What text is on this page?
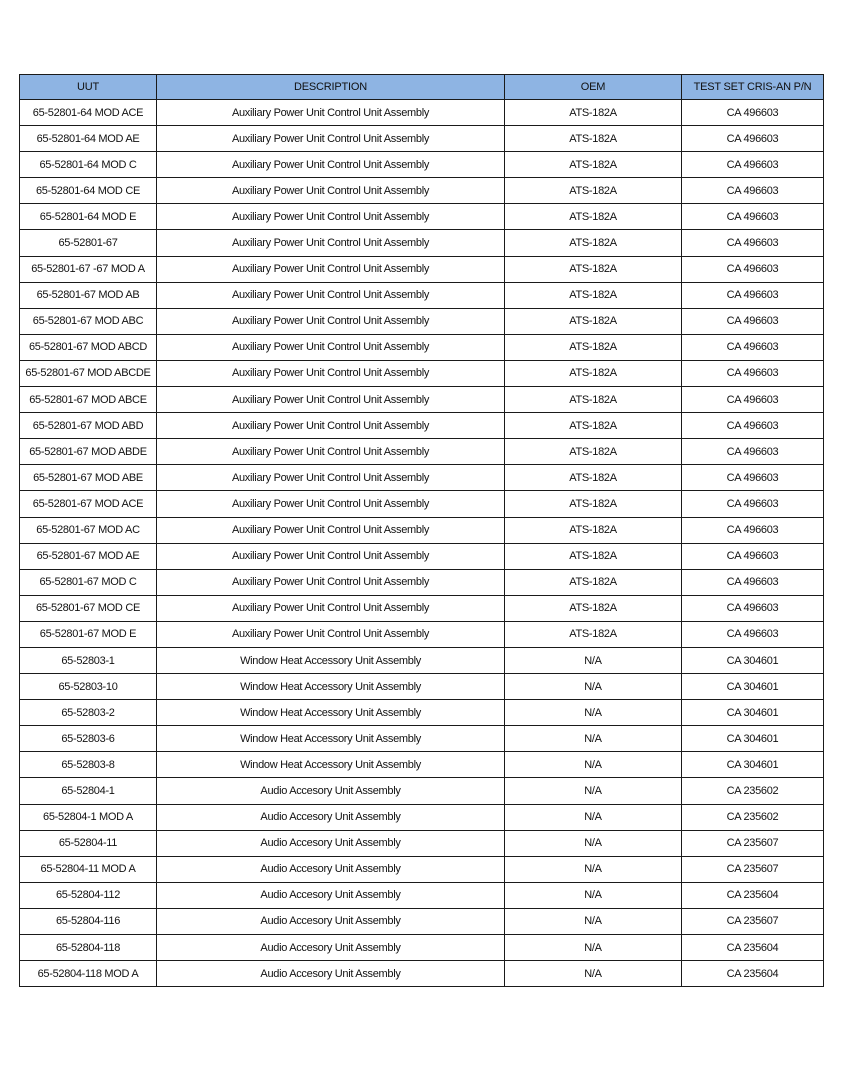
UUT	DESCRIPTION	OEM	TEST SET CRIS-AN P/N
65-52801-64 MOD ACE	Auxiliary Power Unit Control Unit Assembly	ATS-182A	CA 496603
65-52801-64 MOD AE	Auxiliary Power Unit Control Unit Assembly	ATS-182A	CA 496603
65-52801-64 MOD C	Auxiliary Power Unit Control Unit Assembly	ATS-182A	CA 496603
65-52801-64 MOD CE	Auxiliary Power Unit Control Unit Assembly	ATS-182A	CA 496603
65-52801-64 MOD E	Auxiliary Power Unit Control Unit Assembly	ATS-182A	CA 496603
65-52801-67	Auxiliary Power Unit Control Unit Assembly	ATS-182A	CA 496603
65-52801-67 -67 MOD A	Auxiliary Power Unit Control Unit Assembly	ATS-182A	CA 496603
65-52801-67 MOD AB	Auxiliary Power Unit Control Unit Assembly	ATS-182A	CA 496603
65-52801-67 MOD ABC	Auxiliary Power Unit Control Unit Assembly	ATS-182A	CA 496603
65-52801-67 MOD ABCD	Auxiliary Power Unit Control Unit Assembly	ATS-182A	CA 496603
65-52801-67 MOD ABCDE	Auxiliary Power Unit Control Unit Assembly	ATS-182A	CA 496603
65-52801-67 MOD ABCE	Auxiliary Power Unit Control Unit Assembly	ATS-182A	CA 496603
65-52801-67 MOD ABD	Auxiliary Power Unit Control Unit Assembly	ATS-182A	CA 496603
65-52801-67 MOD ABDE	Auxiliary Power Unit Control Unit Assembly	ATS-182A	CA 496603
65-52801-67 MOD ABE	Auxiliary Power Unit Control Unit Assembly	ATS-182A	CA 496603
65-52801-67 MOD ACE	Auxiliary Power Unit Control Unit Assembly	ATS-182A	CA 496603
65-52801-67 MOD AC	Auxiliary Power Unit Control Unit Assembly	ATS-182A	CA 496603
65-52801-67 MOD AE	Auxiliary Power Unit Control Unit Assembly	ATS-182A	CA 496603
65-52801-67 MOD C	Auxiliary Power Unit Control Unit Assembly	ATS-182A	CA 496603
65-52801-67 MOD CE	Auxiliary Power Unit Control Unit Assembly	ATS-182A	CA 496603
65-52801-67 MOD E	Auxiliary Power Unit Control Unit Assembly	ATS-182A	CA 496603
65-52803-1	Window Heat Accessory Unit Assembly	N/A	CA 304601
65-52803-10	Window Heat Accessory Unit Assembly	N/A	CA 304601
65-52803-2	Window Heat Accessory Unit Assembly	N/A	CA 304601
65-52803-6	Window Heat Accessory Unit Assembly	N/A	CA 304601
65-52803-8	Window Heat Accessory Unit Assembly	N/A	CA 304601
65-52804-1	Audio Accesory Unit Assembly	N/A	CA 235602
65-52804-1 MOD A	Audio Accesory Unit Assembly	N/A	CA 235602
65-52804-11	Audio Accesory Unit Assembly	N/A	CA 235607
65-52804-11 MOD A	Audio Accesory Unit Assembly	N/A	CA 235607
65-52804-112	Audio Accesory Unit Assembly	N/A	CA 235604
65-52804-116	Audio Accesory Unit Assembly	N/A	CA 235607
65-52804-118	Audio Accesory Unit Assembly	N/A	CA 235604
65-52804-118 MOD A	Audio Accesory Unit Assembly	N/A	CA 235604
